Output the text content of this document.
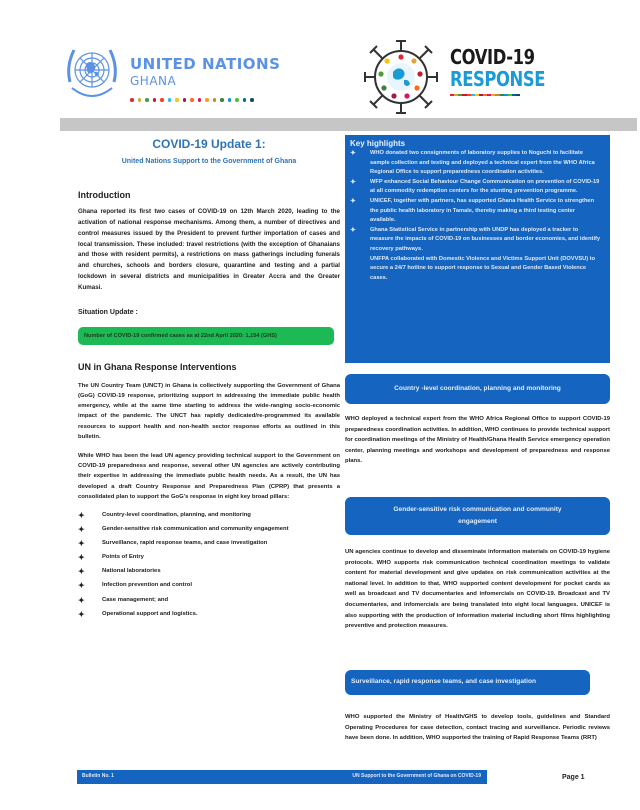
UNITED NATIONS
GHANA
COVID-19
RESPONSE
COVID-19 Update 1:

United Nations Support to the Government of Ghana

Introduction

Ghana reported its first two cases of COVID-19 on 12th March 2020, leading to the activation of national response mechanisms. Among them, a number of directives and control measures issued by the President to prevent further importation of cases and local transmission. These included: travel restrictions (with the exception of Ghanaians and those with resident permits), a restrictions on mass gatherings including funerals and churches, schools and borders closure, quarantine and testing and a partial lockdown in several districts and municipalities in Greater Accra and the Greater Kumasi.

Situation Update :
Number of COVID-19 confirmed cases as at 22nd April 2020: 1,154 (GHS)
UN in Ghana Response Interventions

The UN Country Team (UNCT) in Ghana is collectively supporting the Government of Ghana (GoG) COVID-19 response, prioritizing support in addressing the immediate public health emergency, while at the same time starting to address the wide-ranging socio-economic impact of the pandemic. The UNCT has rapidly dedicated/re-programmed its available resources to support health and non-health sector response efforts as outlined in this bulletin.

While WHO has been the lead UN agency providing technical support to the Government on COVID-19 preparedness and response, several other UN agencies are actively contributing their expertise in addressing the immediate public health needs. As a result, the UN has developed a draft Country Response and Preparedness Plan (CPRP) that presents a consolidated plan to support the GoG's response in eight key broad pillars:

✦	Country-level coordination, planning, and monitoring
✦	Gender-sensitive risk communication and community engagement
✦	Surveillance, rapid response teams, and case investigation
✦	Points of Entry
✦	National laboratories
✦	Infection prevention and control
✦	Case management; and
✦	Operational support and logistics.
Key highlights
✦	WHO donated two consignments of laboratory supplies to Noguchi to facilitate sample collection and testing and deployed a technical expert from the WHO Africa Regional Office to support preparedness coordination activities.
✦	WFP enhanced Social Behaviour Change Communication on prevention of COVID-19 at all commodity redemption centers for the stunting prevention programme.
✦	UNICEF, together with partners, has supported Ghana Health Service to strengthen the public health laboratory in Tamale, thereby making a third testing center available.
✦	Ghana Statistical Service in partnership with UNDP has deployed a tracker to measure the impacts of COVID-19 on businesses and border economies, and identify recovery pathways.
UNFPA collaborated with Domestic Violence and Victims Support Unit (DOVVSU) to secure a 24/7 hotline to support response to Sexual and Gender Based Violence cases.
Country -level coordination, planning and monitoring

WHO deployed a technical expert from the WHO Africa Regional Office to support COVID-19 preparedness coordination activities. In addition, WHO continues to provide technical support for coordination meetings of the Ministry of Health/Ghana Health Service emergency operation center, planning meetings and workshops and development of preparedness and response plans.

Gender-sensitive risk communication and community engagement

UN agencies continue to develop and disseminate information materials on COVID-19 hygiene protocols. WHO supports risk communication technical coordination meetings to validate content for material development and give updates on risk communication activities at the national level. In addition to that, WHO supported content development for pocket cards as well as broadcast and TV documentaries and infomercials on COVID-19. Broadcast and TV documentaries, and infomercials are being translated into eight local languages. UNICEF is also supporting with the production of information material including short films highlighting preventive and protection measures.

Surveillance, rapid response teams, and case investigation

WHO supported the Ministry of Health/GHS to develop tools, guidelines and Standard Operating Procedures for case detection, contact tracing and surveillance. Periodic reviews have been done. In addition, WHO supported the training of Rapid Response Teams (RRT)

Bulletin No. 1	UN Support to the Government of Ghana on COVID-19	Page 1
